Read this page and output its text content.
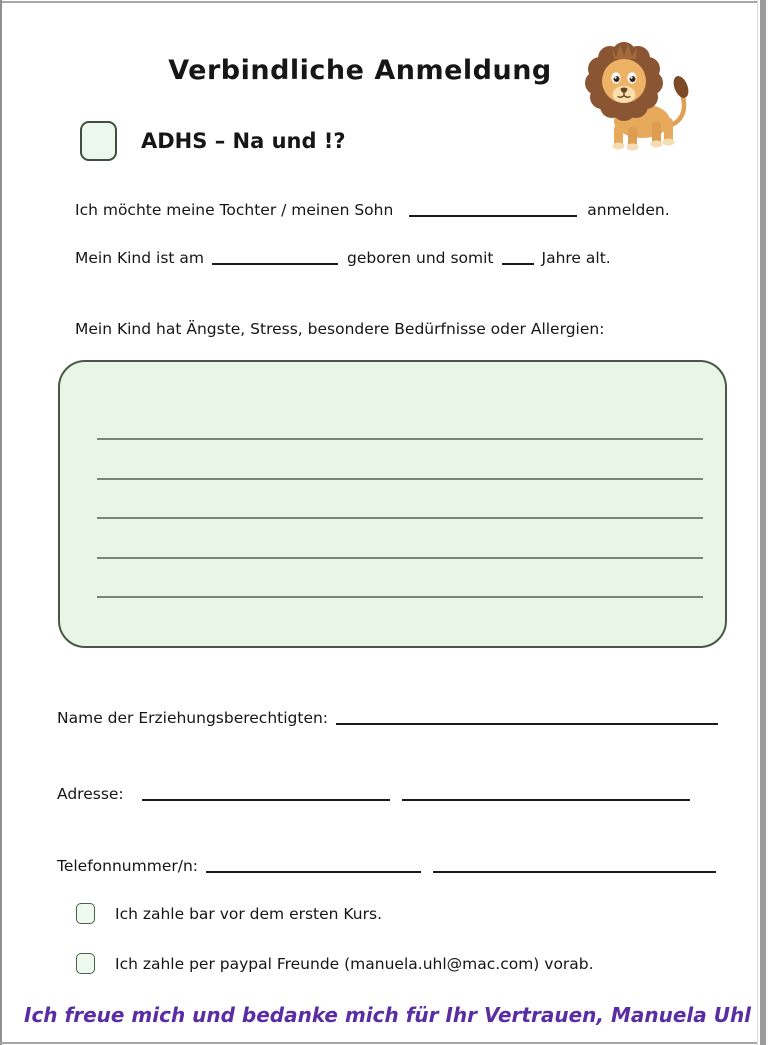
Verbindliche Anmeldung
ADHS – Na und !?
Ich möchte meine Tochter / meinen Sohn	anmelden.
Mein Kind ist am	geboren und somit	Jahre alt.
Mein Kind hat Ängste, Stress, besondere Bedürfnisse oder Allergien:
Name der Erziehungsberechtigten:
Adresse:
Telefonnummer/n:
Ich zahle bar vor dem ersten Kurs.
Ich zahle per paypal Freunde (manuela.uhl@mac.com) vorab.
Ich freue mich und bedanke mich für Ihr Vertrauen, Manuela Uhl
